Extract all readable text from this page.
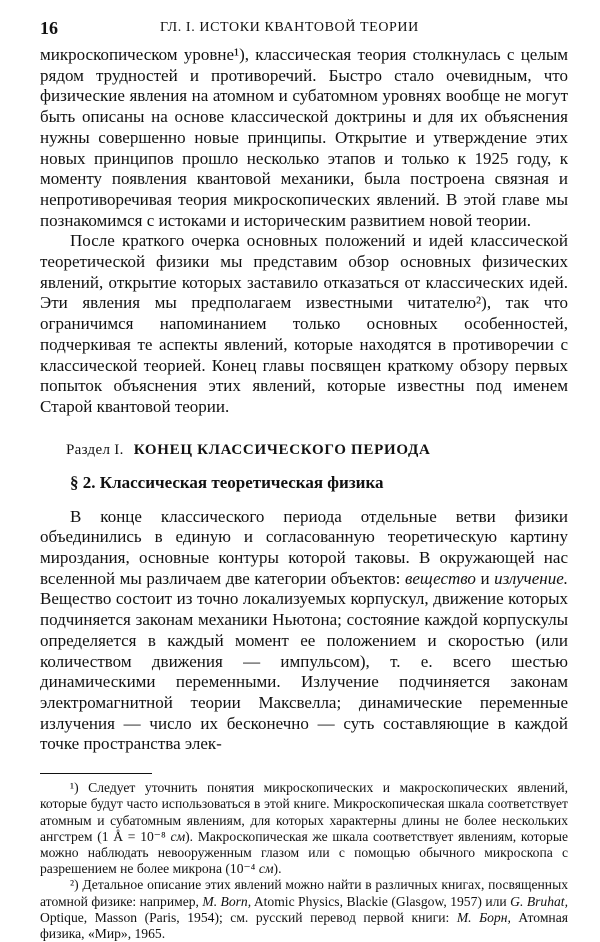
16	ГЛ. I. ИСТОКИ КВАНТОВОЙ ТЕОРИИ

микроскопическом уровне¹), классическая теория столкнулась с целым рядом трудностей и противоречий. Быстро стало очевидным, что физические явления на атомном и субатомном уровнях вообще не могут быть описаны на основе классической доктрины и для их объяснения нужны совершенно новые принципы. Открытие и утверждение этих новых принципов прошло несколько этапов и только к 1925 году, к моменту появления квантовой механики, была построена связная и непротиворечивая теория микроскопических явлений. В этой главе мы познакомимся с истоками и историческим развитием новой теории.

После краткого очерка основных положений и идей классической теоретической физики мы представим обзор основных физических явлений, открытие которых заставило отказаться от классических идей. Эти явления мы предполагаем известными читателю²), так что ограничимся напоминанием только основных особенностей, подчеркивая те аспекты явлений, которые находятся в противоречии с классической теорией. Конец главы посвящен краткому обзору первых попыток объяснения этих явлений, которые известны под именем Старой квантовой теории.

Раздел I. КОНЕЦ КЛАССИЧЕСКОГО ПЕРИОДА
§ 2. Классическая теоретическая физика

В конце классического периода отдельные ветви физики объединились в единую и согласованную теоретическую картину мироздания, основные контуры которой таковы. В окружающей нас вселенной мы различаем две категории объектов: вещество и излучение. Вещество состоит из точно локализуемых корпускул, движение которых подчиняется законам механики Ньютона; состояние каждой корпускулы определяется в каждый момент ее положением и скоростью (или количеством движения — импульсом), т. е. всего шестью динамическими переменными. Излучение подчиняется законам электромагнитной теории Максвелла; динамические переменные излучения — число их бесконечно — суть составляющие в каждой точке пространства элек-

¹) Следует уточнить понятия микроскопических и макроскопических явлений, которые будут часто использоваться в этой книге. Микроскопическая шкала соответствует атомным и субатомным явлениям, для которых характерны длины не более нескольких ангстрем (1 Å = 10⁻⁸ см). Макроскопическая же шкала соответствует явлениям, которые можно наблюдать невооруженным глазом или с помощью обычного микроскопа с разрешением не более микрона (10⁻⁴ см).

²) Детальное описание этих явлений можно найти в различных книгах, посвященных атомной физике: например, M. Born, Atomic Physics, Blackie (Glasgow, 1957) или G. Bruhat, Optique, Masson (Paris, 1954); см. русский перевод первой книги: М. Борн, Атомная физика, «Мир», 1965.
